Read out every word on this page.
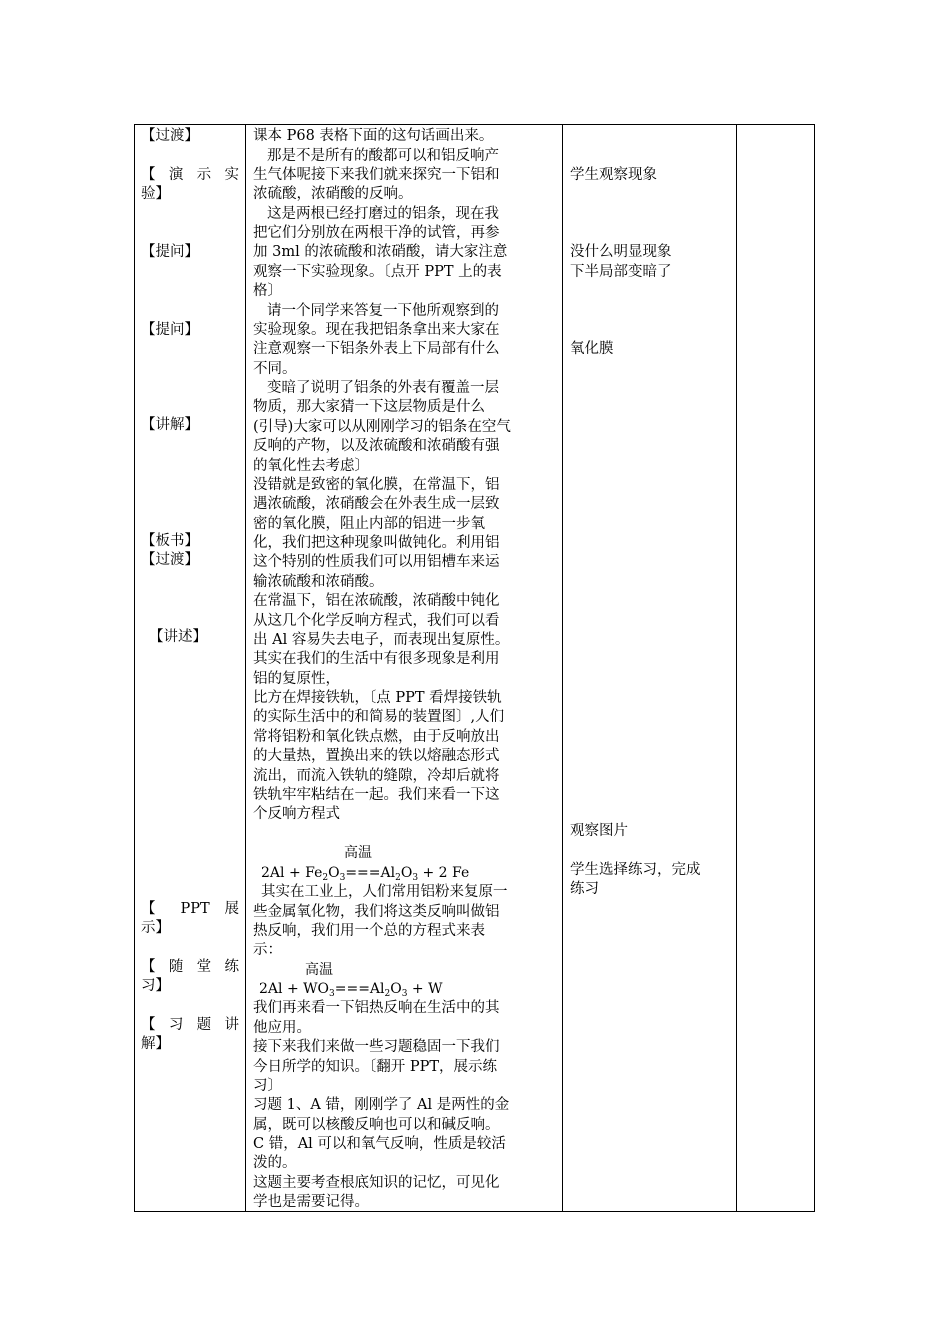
【过渡】
【 演 示 实
验】
【提问】
【提问】
【讲解】
【板书】
【过渡】
【讲述】
【 PPT 展
示】
【 随 堂 练
习】
【 习 题 讲
解】
课本 P68 表格下面的这句话画出来。
那是不是所有的酸都可以和铝反响产
生气体呢接下来我们就来探究一下铝和
浓硫酸，浓硝酸的反响。
这是两根已经打磨过的铝条，现在我
把它们分别放在两根干净的试管，再参
加 3ml 的浓硫酸和浓硝酸，请大家注意
观察一下实验现象。〔点开 PPT 上的表
格〕
请一个同学来答复一下他所观察到的
实验现象。现在我把铝条拿出来大家在
注意观察一下铝条外表上下局部有什么
不同。
变暗了说明了铝条的外表有覆盖一层
物质，那大家猜一下这层物质是什么
(引导)大家可以从刚刚学习的铝条在空气
反响的产物，以及浓硫酸和浓硝酸有强
的氧化性去考虑〕
没错就是致密的氧化膜，在常温下，铝
遇浓硫酸，浓硝酸会在外表生成一层致
密的氧化膜，阻止内部的铝进一步氧
化，我们把这种现象叫做钝化。利用铝
这个特别的性质我们可以用铝槽车来运
输浓硫酸和浓硝酸。
在常温下，铝在浓硫酸，浓硝酸中钝化
从这几个化学反响方程式，我们可以看
出 Al 容易失去电子，而表现出复原性。
其实在我们的生活中有很多现象是利用
铝的复原性，
比方在焊接铁轨，〔点 PPT 看焊接铁轨
的实际生活中的和简易的装置图〕,人们
常将铝粉和氧化铁点燃，由于反响放出
的大量热，置换出来的铁以熔融态形式
流出，而流入铁轨的缝隙，冷却后就将
铁轨牢牢粘结在一起。我们来看一下这
个反响方程式
高温
$2Al + Fe_2O_3===Al_2O_3 + 2$ Fe
其实在工业上，人们常用铝粉来复原一
些金属氧化物，我们将这类反响叫做铝
热反响，我们用一个总的方程式来表
示：
高温
$2Al + WO_3===Al_2O_3 + W$
我们再来看一下铝热反响在生活中的其
他应用。
接下来我们来做一些习题稳固一下我们
今日所学的知识。〔翻开 PPT，展示练
习〕
习题 1、A 错，刚刚学了 Al 是两性的金
属，既可以核酸反响也可以和碱反响。
C 错，Al 可以和氧气反响，性质是较活
泼的。
这题主要考查根底知识的记忆，可见化
学也是需要记得。
学生观察现象
没什么明显现象
下半局部变暗了
氧化膜
观察图片
学生选择练习，完成
练习
